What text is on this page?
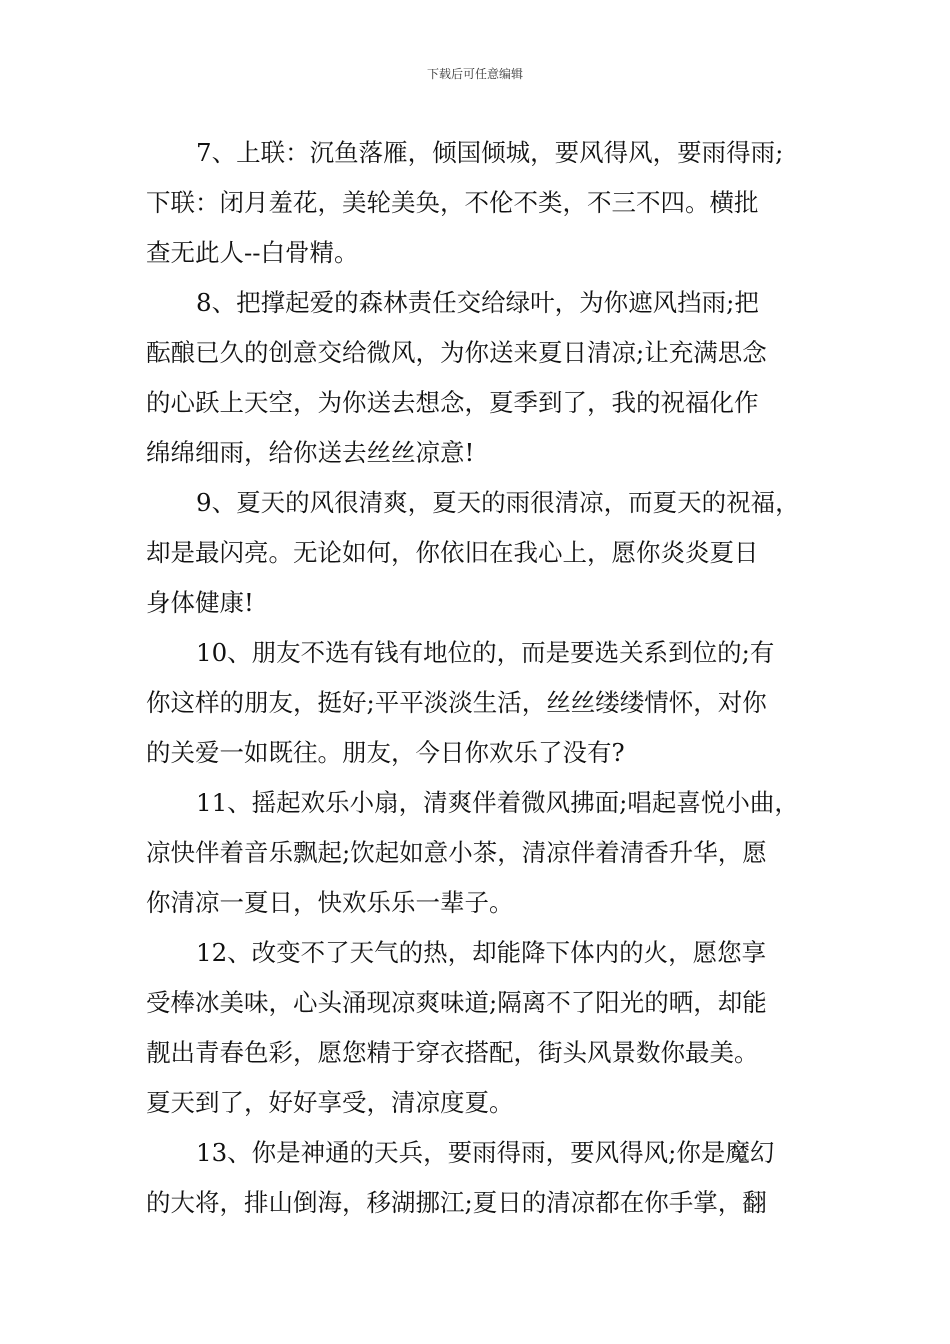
下载后可任意编辑
7、上联：沉鱼落雁，倾国倾城，要风得风，要雨得雨;
下联：闭月羞花，美轮美奂，不伦不类，不三不四。横批
查无此人--白骨精。
8、把撑起爱的森林责任交给绿叶，为你遮风挡雨;把
酝酿已久的创意交给微风，为你送来夏日清凉;让充满思念
的心跃上天空，为你送去想念，夏季到了，我的祝福化作
绵绵细雨，给你送去丝丝凉意!
9、夏天的风很清爽，夏天的雨很清凉，而夏天的祝福，
却是最闪亮。无论如何，你依旧在我心上，愿你炎炎夏日
身体健康!
10、朋友不选有钱有地位的，而是要选关系到位的;有
你这样的朋友，挺好;平平淡淡生活，丝丝缕缕情怀，对你
的关爱一如既往。朋友，今日你欢乐了没有?
11、摇起欢乐小扇，清爽伴着微风拂面;唱起喜悦小曲，
凉快伴着音乐飘起;饮起如意小茶，清凉伴着清香升华，愿
你清凉一夏日，快欢乐乐一辈子。
12、改变不了天气的热，却能降下体内的火，愿您享
受棒冰美味，心头涌现凉爽味道;隔离不了阳光的晒，却能
靓出青春色彩，愿您精于穿衣搭配，街头风景数你最美。
夏天到了，好好享受，清凉度夏。
13、你是神通的天兵，要雨得雨，要风得风;你是魔幻
的大将，排山倒海，移湖挪江;夏日的清凉都在你手掌，翻
